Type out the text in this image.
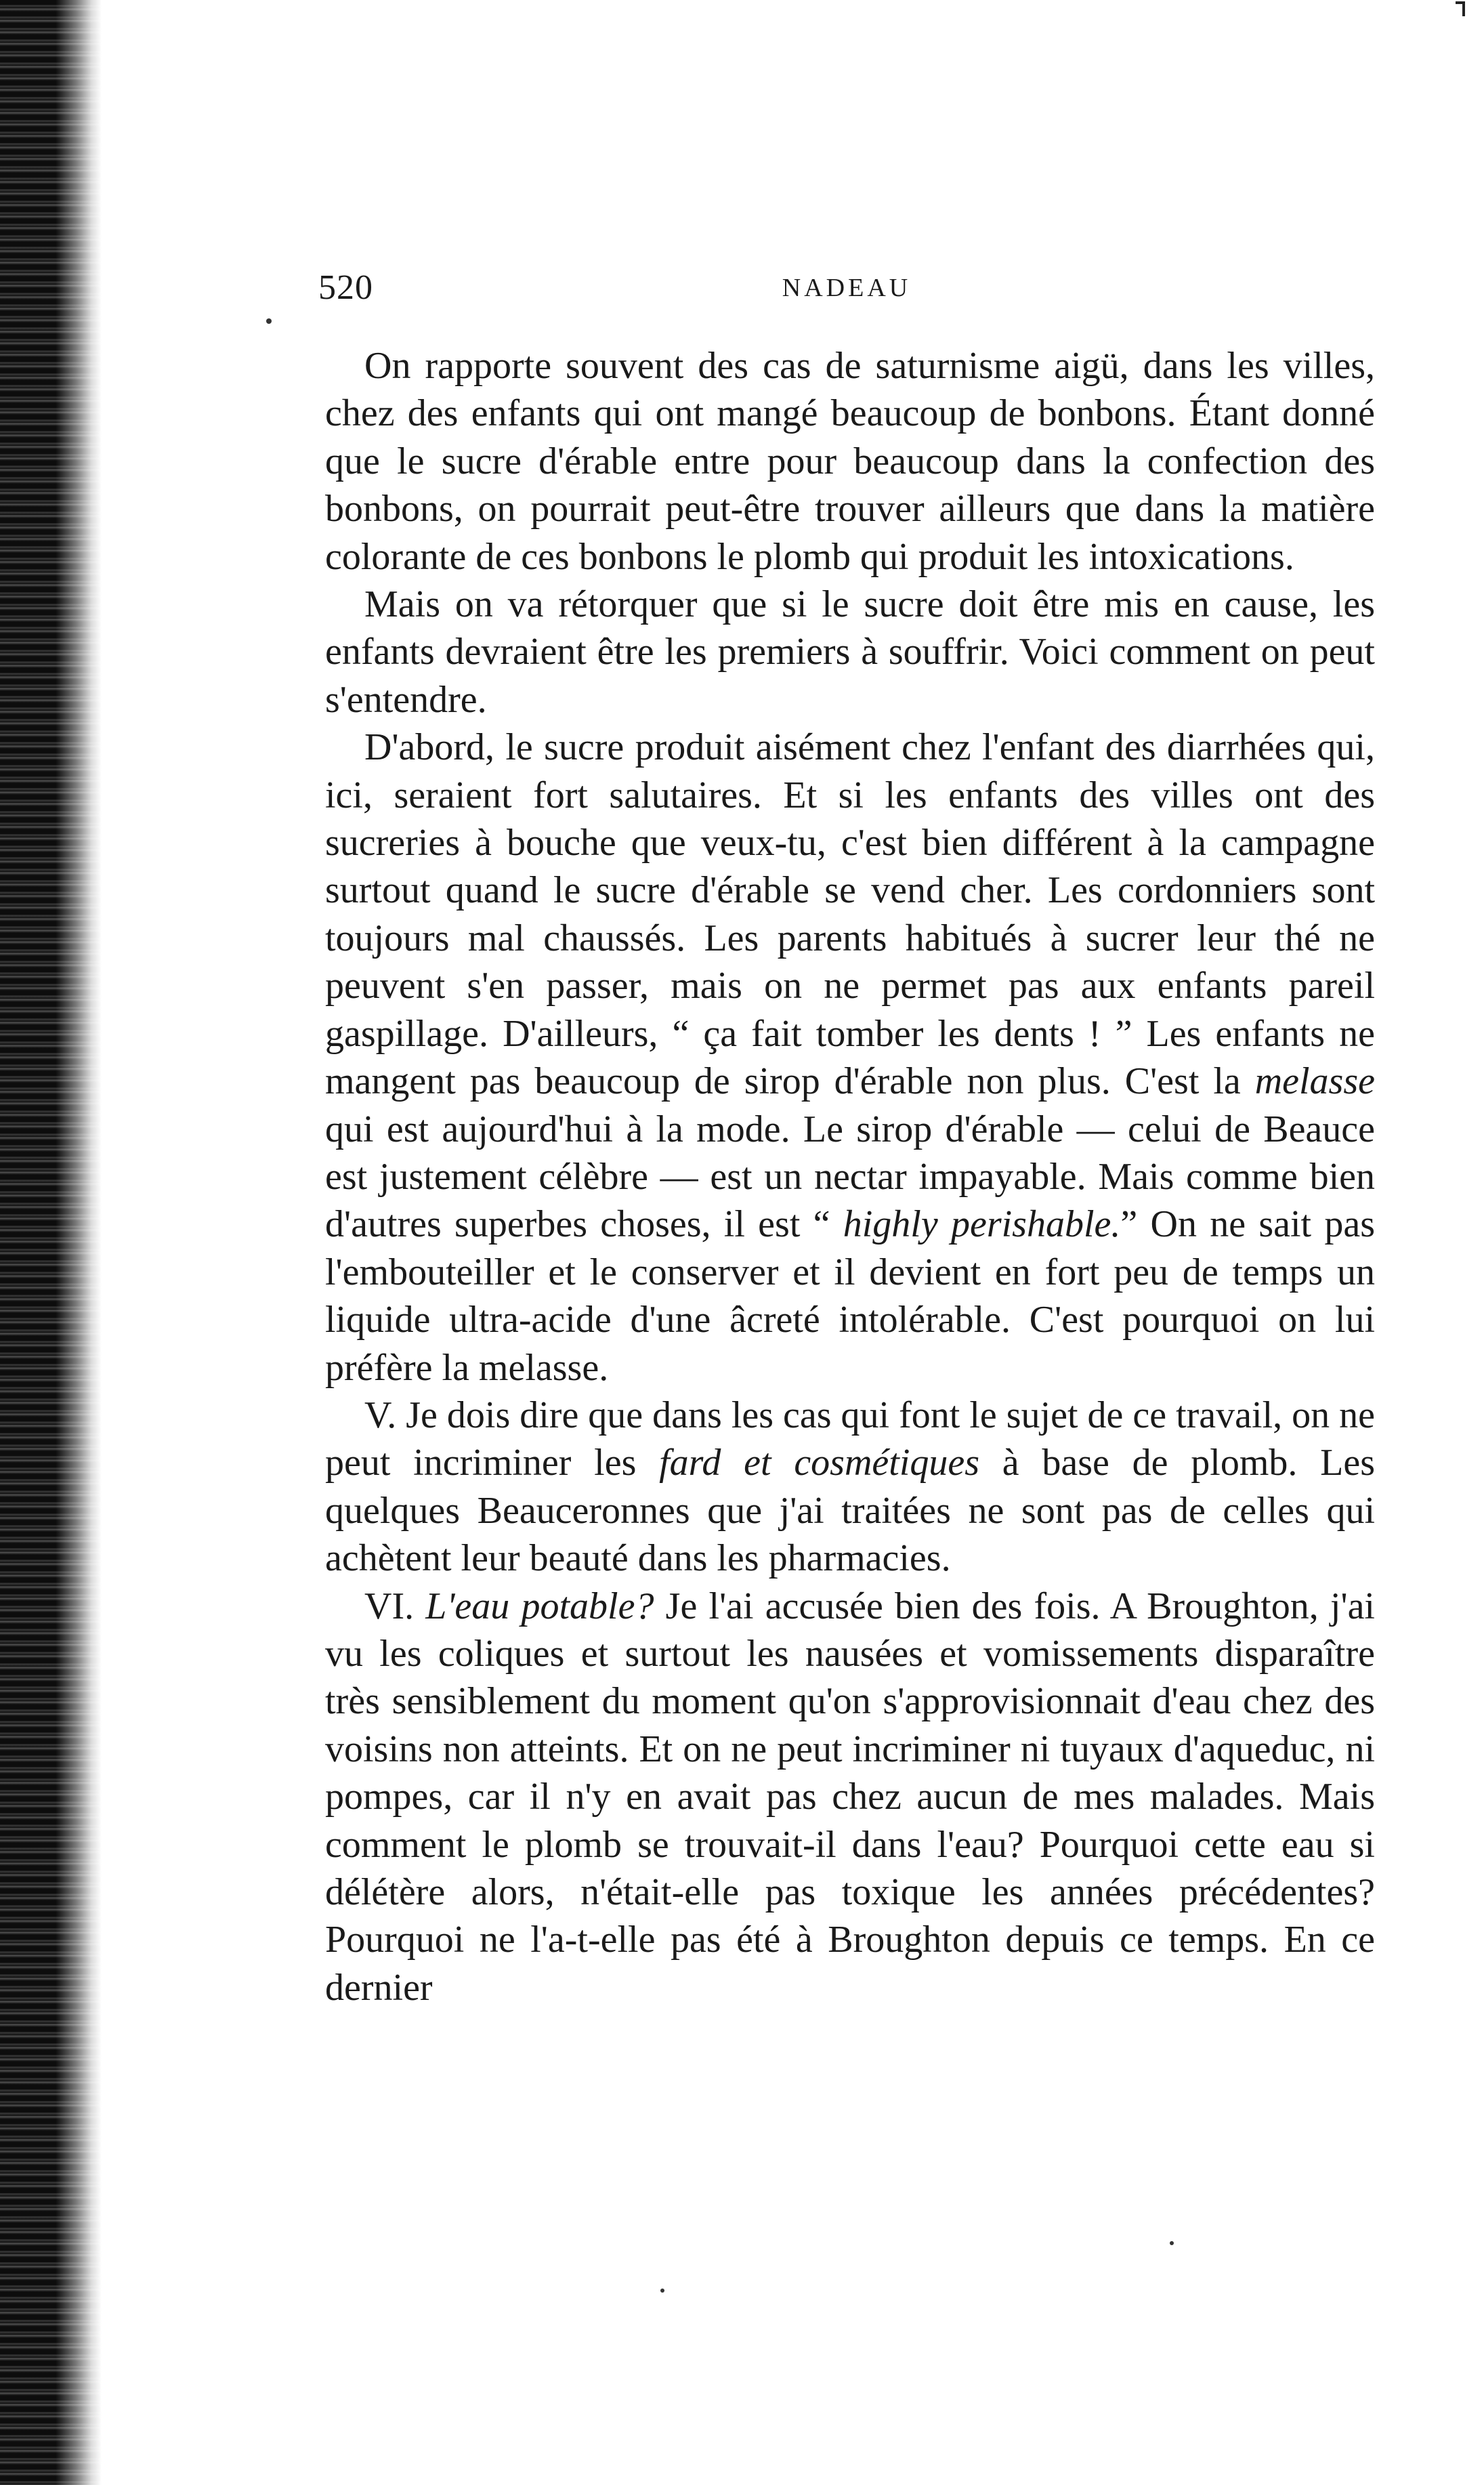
520	NADEAU

On rapporte souvent des cas de saturnisme aigü, dans les villes, chez des enfants qui ont mangé beaucoup de bonbons. Étant donné que le sucre d'érable entre pour beaucoup dans la confection des bonbons, on pourrait peut-être trouver ailleurs que dans la matière colorante de ces bonbons le plomb qui produit les intoxications.

Mais on va rétorquer que si le sucre doit être mis en cause, les enfants devraient être les premiers à souffrir. Voici comment on peut s'entendre.

D'abord, le sucre produit aisément chez l'enfant des diarrhées qui, ici, seraient fort salutaires. Et si les enfants des villes ont des sucreries à bouche que veux-tu, c'est bien différent à la campagne surtout quand le sucre d'érable se vend cher. Les cordonniers sont toujours mal chaussés. Les parents habitués à sucrer leur thé ne peuvent s'en passer, mais on ne permet pas aux enfants pareil gaspillage. D'ailleurs, “ ça fait tomber les dents ! ” Les enfants ne mangent pas beaucoup de sirop d'érable non plus. C'est la melasse qui est aujourd'hui à la mode. Le sirop d'érable — celui de Beauce est justement célèbre — est un nectar impayable. Mais comme bien d'autres superbes choses, il est “ highly perishable.” On ne sait pas l'embouteiller et le conserver et il devient en fort peu de temps un liquide ultra-acide d'une âcreté intolérable. C'est pourquoi on lui préfère la melasse.

V. Je dois dire que dans les cas qui font le sujet de ce travail, on ne peut incriminer les fard et cosmétiques à base de plomb. Les quelques Beauceronnes que j'ai traitées ne sont pas de celles qui achètent leur beauté dans les pharmacies.

VI. L'eau potable? Je l'ai accusée bien des fois. A Broughton, j'ai vu les coliques et surtout les nausées et vomissements disparaître très sensiblement du moment qu'on s'approvisionnait d'eau chez des voisins non atteints. Et on ne peut incriminer ni tuyaux d'aqueduc, ni pompes, car il n'y en avait pas chez aucun de mes malades. Mais comment le plomb se trouvait-il dans l'eau? Pourquoi cette eau si délétère alors, n'était-elle pas toxique les années précédentes? Pourquoi ne l'a-t-elle pas été à Broughton depuis ce temps. En ce dernier
